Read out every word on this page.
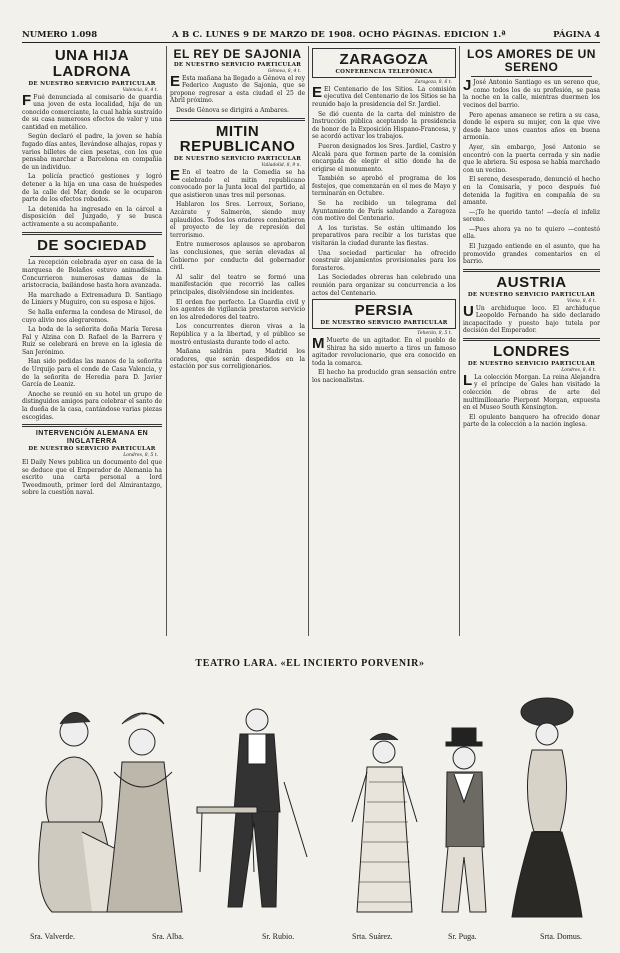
NUMERO 1.098	A B C. LUNES 9 DE MARZO DE 1908. OCHO PÁGINAS. EDICION 1.ª	PÁGINA 4
UNA HIJA LADRONA
DE NUESTRO SERVICIO PARTICULAR
Valencia, 8, 4 t.

F Fué denunciada al comisario de guardia una joven de esta localidad, hija de un conocido comerciante, la cual había sustraído de su casa numerosos efectos de valor y una cantidad en metálico.

Según declaró el padre, la joven se había fugado días antes, llevándose alhajas, ropas y varios billetes de cien pesetas, con los que pensaba marchar a Barcelona en compañía de un individuo.

La policía practicó gestiones y logró detener a la hija en una casa de huéspedes de la calle del Mar, donde se le ocuparon parte de los efectos robados.

La detenida ha ingresado en la cárcel a disposición del Juzgado, y se busca activamente a su acompañante.

DE SOCIEDAD

La recepción celebrada ayer en casa de la marquesa de Bolaños estuvo animadísima. Concurrieron numerosas damas de la aristocracia, bailándose hasta hora avanzada.

Ha marchado a Extremadura D. Santiago de Liniers y Muguiro, con su esposa e hijos.

Se halla enferma la condesa de Mirasol, de cuyo alivio nos alegraremos.

La boda de la señorita doña María Teresa Fal y Alzina con D. Rafael de la Barrera y Ruiz se celebrará en breve en la iglesia de San Jerónimo.

Han sido pedidas las manos de la señorita de Urquijo para el conde de Casa Valencia, y de la señorita de Heredia para D. Javier García de Leaniz.

Anoche se reunió en su hotel un grupo de distinguidos amigos para celebrar el santo de la dueña de la casa, cantándose varias piezas escogidas.

INTERVENCIÓN ALEMANA EN INGLATERRA
DE NUESTRO SERVICIO PARTICULAR
Londres, 8, 5 t.

El Daily News publica un documento del que se deduce que el Emperador de Alemania ha escrito una carta personal a lord Tweedmouth, primer lord del Almirantazgo, sobre la cuestión naval.

EL REY DE SAJONIA
DE NUESTRO SERVICIO PARTICULAR
Génova, 8, 4 t.

E Esta mañana ha llegado a Génova el rey Federico Augusto de Sajonia, que se propone regresar a esta ciudad el 25 de Abril próximo.

Desde Génova se dirigirá a Ambares.

MITIN REPUBLICANO
DE NUESTRO SERVICIO PARTICULAR
Valladolid, 8, 9 n.

E En el teatro de la Comedia se ha celebrado el mitin republicano convocado por la Junta local del partido, al que asistieron unas tres mil personas.

Hablaron los Sres. Lerroux, Soriano, Azcárate y Salmerón, siendo muy aplaudidos. Todos los oradores combatieron el proyecto de ley de represión del terrorismo.

Entre numerosos aplausos se aprobaron las conclusiones, que serán elevadas al Gobierno por conducto del gobernador civil.

Al salir del teatro se formó una manifestación que recorrió las calles principales, disolviéndose sin incidentes.

El orden fue perfecto. La Guardia civil y los agentes de vigilancia prestaron servicio en los alrededores del teatro.

Los concurrentes dieron vivas a la República y a la libertad, y el público se mostró entusiasta durante todo el acto.

Mañana saldrán para Madrid los oradores, que serán despedidos en la estación por sus correligionarios.

ZARAGOZA
CONFERENCIA TELEFÓNICA
Zaragoza, 8, 6 t.

E El Centenario de los Sitios. La comisión ejecutiva del Centenario de los Sitios se ha reunido bajo la presidencia del Sr. Jardiel.

Se dió cuenta de la carta del ministro de Instrucción pública aceptando la presidencia de honor de la Exposición Hispano-Francesa, y se acordó activar los trabajos.

Fueron designados los Sres. Jardiel, Castro y Alcalá para que formen parte de la comisión encargada de elegir el sitio donde ha de erigirse el monumento.

También se aprobó el programa de los festejos, que comenzarán en el mes de Mayo y terminarán en Octubre.

Se ha recibido un telegrama del Ayuntamiento de París saludando a Zaragoza con motivo del Centenario.

A los turistas. Se están ultimando los preparativos para recibir a los turistas que visitarán la ciudad durante las fiestas.

Una sociedad particular ha ofrecido construir alojamientos provisionales para los forasteros.

Las Sociedades obreras han celebrado una reunión para organizar su concurrencia a los actos del Centenario.

PERSIA
DE NUESTRO SERVICIO PARTICULAR
Teherán, 8, 5 t.

M Muerte de un agitador. En el pueblo de Shiraz ha sido muerto a tiros un famoso agitador revolucionario, que era conocido en toda la comarca.

El hecho ha producido gran sensación entre los nacionalistas.

LOS AMORES DE UN SERENO

J José Antonio Santiago es un sereno que, como todos los de su profesión, se pasa la noche en la calle, mientras duermen los vecinos del barrio.

Pero apenas amanece se retira a su casa, donde le espera su mujer, con la que vive desde hace unos cuantos años en buena armonía.

Ayer, sin embargo, José Antonio se encontró con la puerta cerrada y sin nadie que le abriera. Su esposa se había marchado con un vecino.

El sereno, desesperado, denunció el hecho en la Comisaría, y poco después fué detenida la fugitiva en compañía de su amante.

—¡Te he querido tanto! —decía el infeliz sereno.

—Pues ahora ya no te quiero —contestó ella.

El Juzgado entiende en el asunto, que ha promovido grandes comentarios en el barrio.

AUSTRIA
DE NUESTRO SERVICIO PARTICULAR
Viena, 8, 6 t.

U Un archiduque loco. El archiduque Leopoldo Fernando ha sido declarado incapacitado y puesto bajo tutela por decisión del Emperador.

LONDRES
DE NUESTRO SERVICIO PARTICULAR
Londres, 8, 6 t.

L La colección Morgan. La reina Alejandra y el príncipe de Gales han visitado la colección de obras de arte del multimillonario Pierpont Morgan, expuesta en el Museo South Kensington.

El opulento banquero ha ofrecido donar parte de la colección a la nación inglesa.

TEATRO LARA. «EL INCIERTO PORVENIR»
Sra. Valverde.	Sra. Alba.	Sr. Rubio.	Srta. Suárez.	Sr. Puga.	Srta. Domus.
